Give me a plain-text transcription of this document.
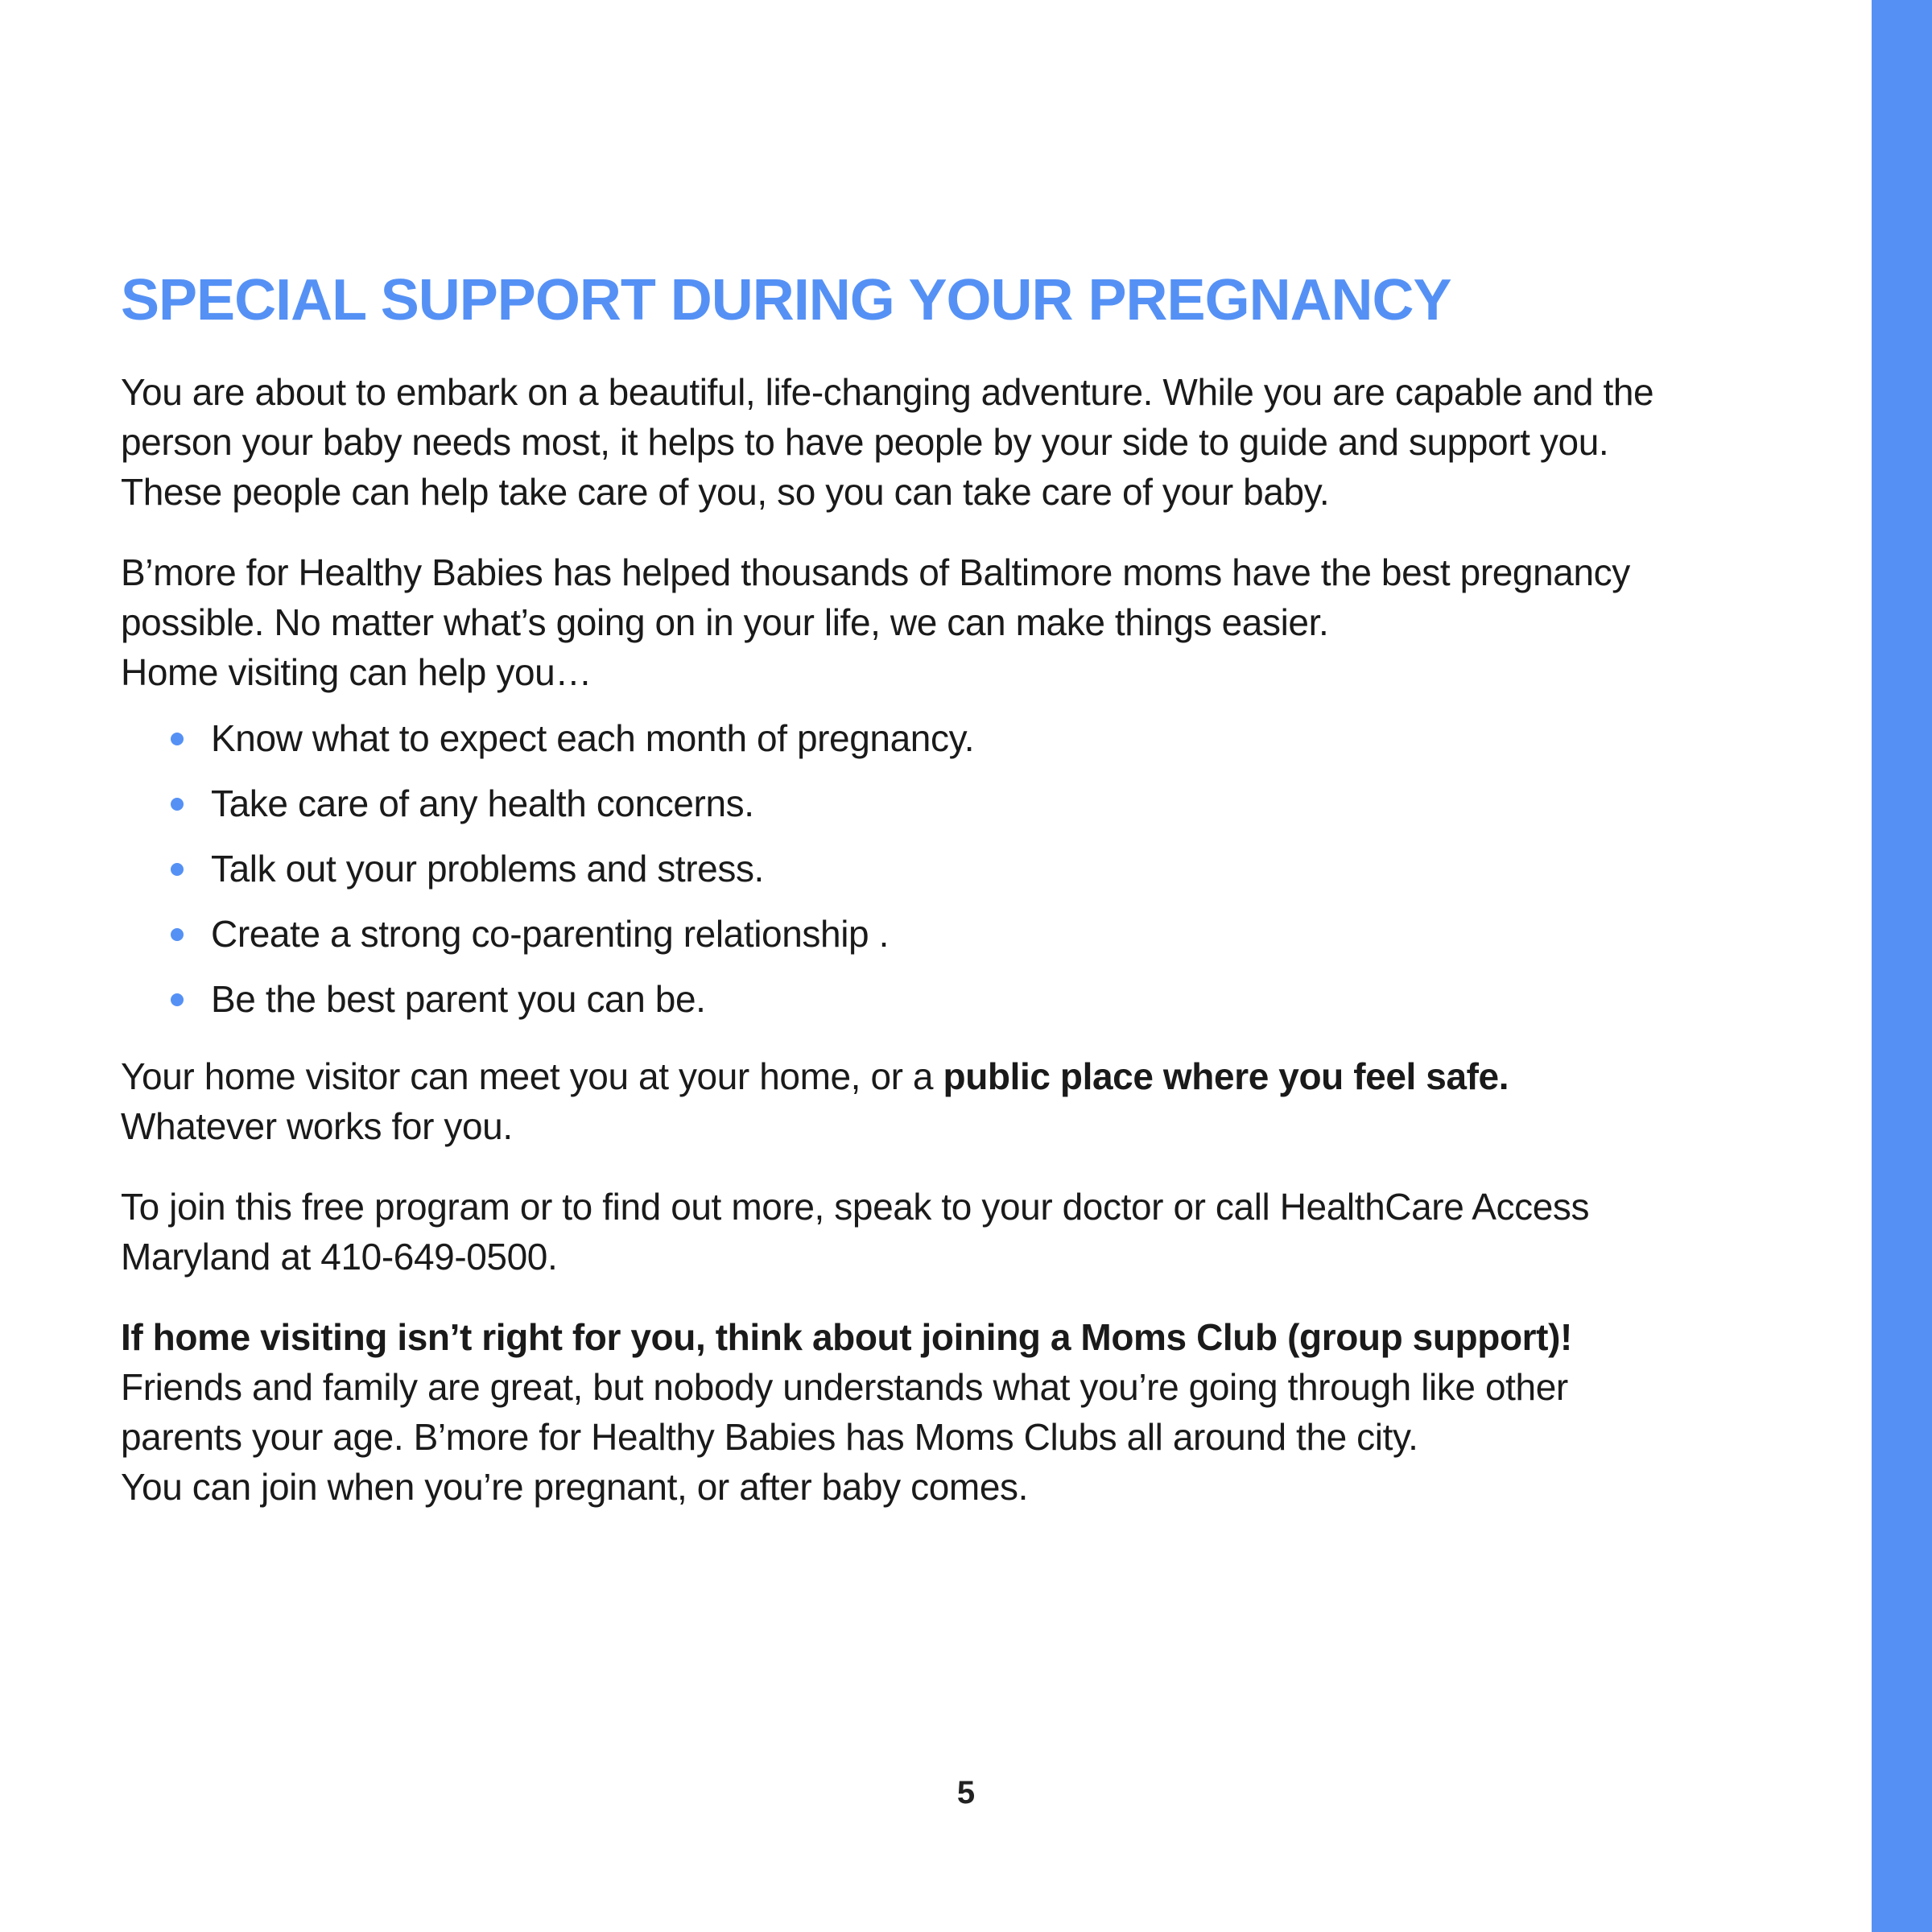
SPECIAL SUPPORT DURING YOUR PREGNANCY

You are about to embark on a beautiful, life-changing adventure. While you are capable and the
person your baby needs most, it helps to have people by your side to guide and support you.
These people can help take care of you, so you can take care of your baby.

B’more for Healthy Babies has helped thousands of Baltimore moms have the best pregnancy
possible. No matter what’s going on in your life, we can make things easier.
Home visiting can help you…

Know what to expect each month of pregnancy.
Take care of any health concerns.
Talk out your problems and stress.
Create a strong co-parenting relationship .
Be the best parent you can be.

Your home visitor can meet you at your home, or a public place where you feel safe.
Whatever works for you.

To join this free program or to find out more, speak to your doctor or call HealthCare Access
Maryland at 410-649-0500.

If home visiting isn’t right for you, think about joining a Moms Club (group support)!
Friends and family are great, but nobody understands what you’re going through like other
parents your age. B’more for Healthy Babies has Moms Clubs all around the city.
You can join when you’re pregnant, or after baby comes.

5
